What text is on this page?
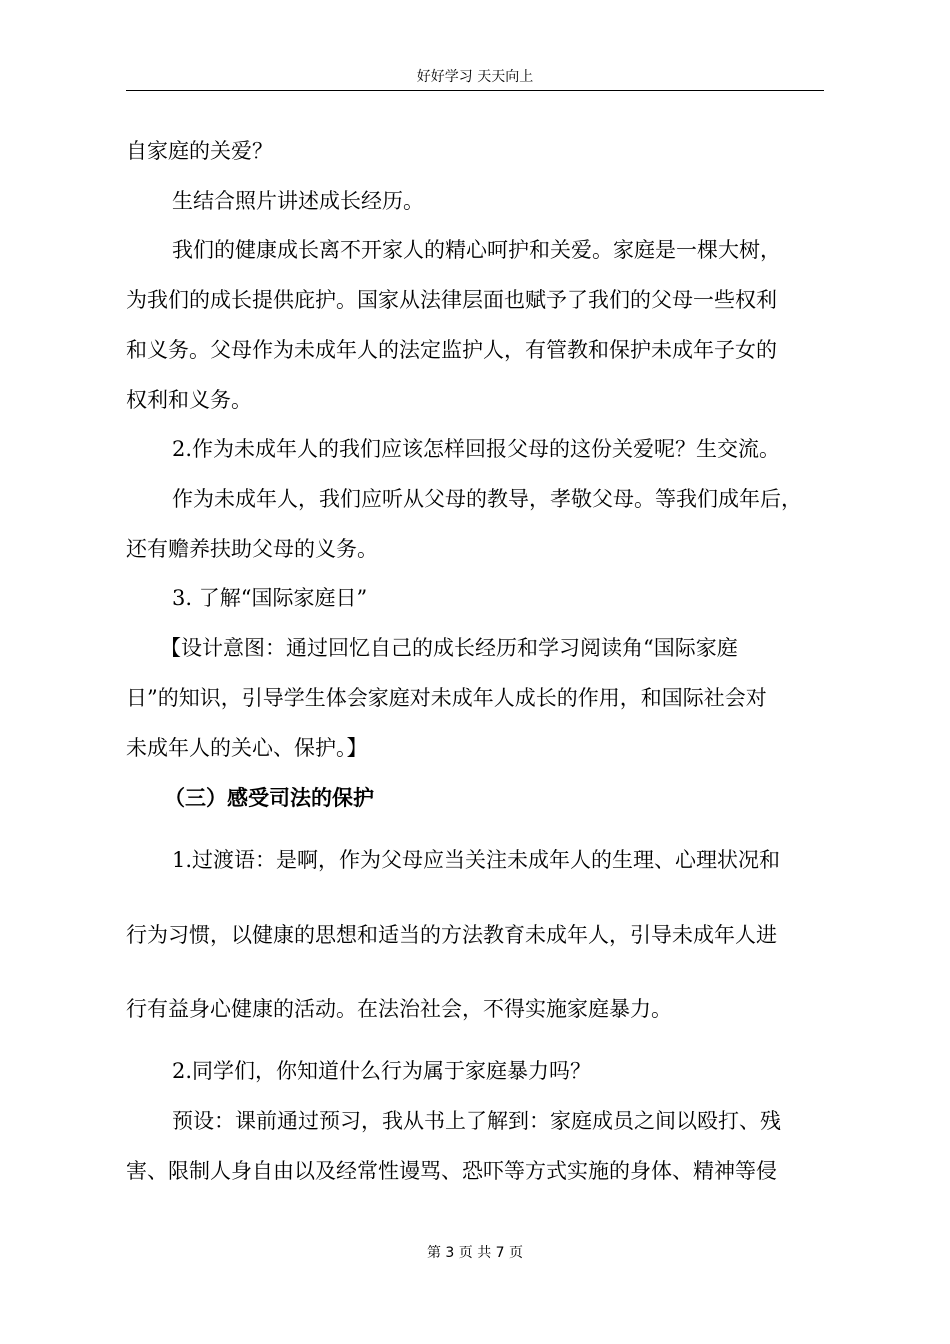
好好学习 天天向上
自家庭的关爱？
生结合照片讲述成长经历。
我们的健康成长离不开家人的精心呵护和关爱。家庭是一棵大树，
为我们的成长提供庇护。国家从法律层面也赋予了我们的父母一些权利
和义务。父母作为未成年人的法定监护人，有管教和保护未成年子女的
权利和义务。
2.作为未成年人的我们应该怎样回报父母的这份关爱呢？生交流。
作为未成年人，我们应听从父母的教导，孝敬父母。等我们成年后，
还有赡养扶助父母的义务。
3. 了解“国际家庭日”
【设计意图：通过回忆自己的成长经历和学习阅读角“国际家庭
日”的知识，引导学生体会家庭对未成年人成长的作用，和国际社会对
未成年人的关心、保护。】
（三）感受司法的保护
1.过渡语：是啊，作为父母应当关注未成年人的生理、心理状况和
行为习惯，以健康的思想和适当的方法教育未成年人，引导未成年人进
行有益身心健康的活动。在法治社会，不得实施家庭暴力。
2.同学们，你知道什么行为属于家庭暴力吗？
预设：课前通过预习，我从书上了解到：家庭成员之间以殴打、残
害、限制人身自由以及经常性谩骂、恐吓等方式实施的身体、精神等侵
第 3 页 共 7 页
